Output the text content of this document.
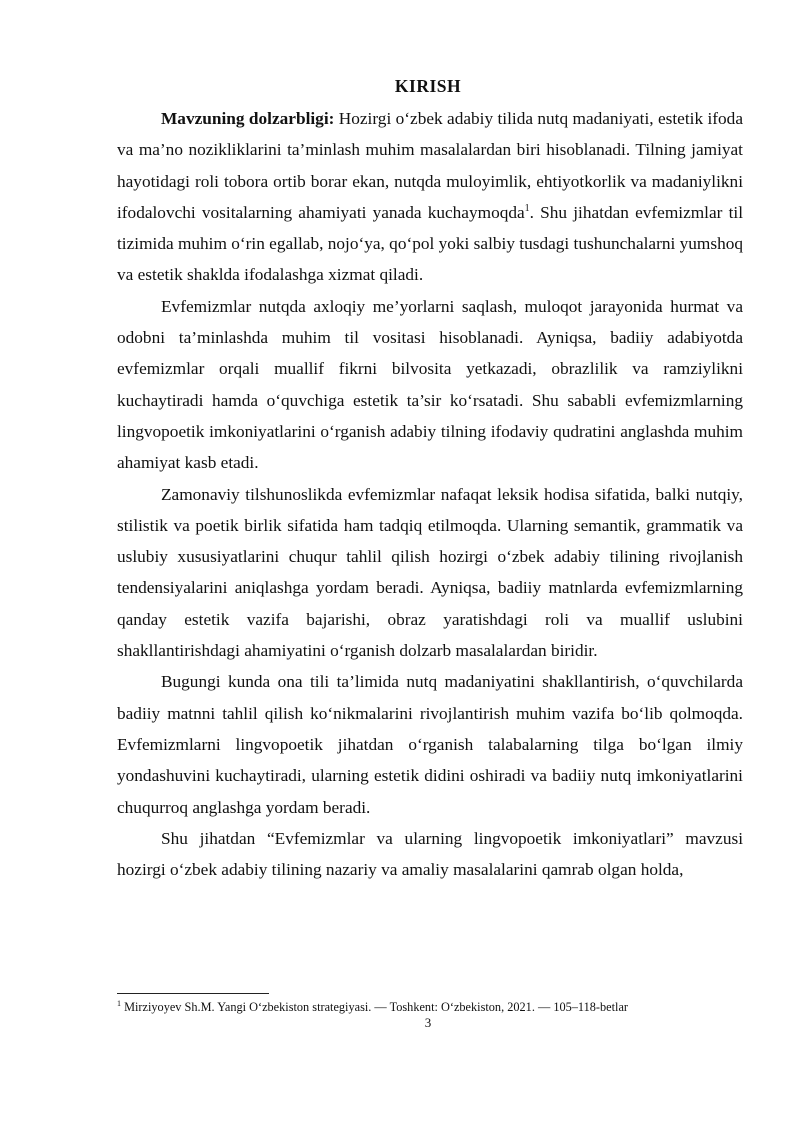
KIRISH

Mavzuning dolzarbligi: Hozirgi o‘zbek adabiy tilida nutq madaniyati, estetik ifoda va ma’no nozikliklarini ta’minlash muhim masalalardan biri hisoblanadi. Tilning jamiyat hayotidagi roli tobora ortib borar ekan, nutqda muloyimlik, ehtiyotkorlik va madaniylikni ifodalovchi vositalarning ahamiyati yanada kuchaymoqda$^1$. Shu jihatdan evfemizmlar til tizimida muhim o‘rin egallab, nojo‘ya, qo‘pol yoki salbiy tusdagi tushunchalarni yumshoq va estetik shaklda ifodalashga xizmat qiladi.

Evfemizmlar nutqda axloqiy me’yorlarni saqlash, muloqot jarayonida hurmat va odobni ta’minlashda muhim til vositasi hisoblanadi. Ayniqsa, badiiy adabiyotda evfemizmlar orqali muallif fikrni bilvosita yetkazadi, obrazlilik va ramziylikni kuchaytiradi hamda o‘quvchiga estetik ta’sir ko‘rsatadi. Shu sababli evfemizmlarning lingvopoetik imkoniyatlarini o‘rganish adabiy tilning ifodaviy qudratini anglashda muhim ahamiyat kasb etadi.

Zamonaviy tilshunoslikda evfemizmlar nafaqat leksik hodisa sifatida, balki nutqiy, stilistik va poetik birlik sifatida ham tadqiq etilmoqda. Ularning semantik, grammatik va uslubiy xususiyatlarini chuqur tahlil qilish hozirgi o‘zbek adabiy tilining rivojlanish tendensiyalarini aniqlashga yordam beradi. Ayniqsa, badiiy matnlarda evfemizmlarning qanday estetik vazifa bajarishi, obraz yaratishdagi roli va muallif uslubini shakllantirishdagi ahamiyatini o‘rganish dolzarb masalalardan biridir.

Bugungi kunda ona tili ta’limida nutq madaniyatini shakllantirish, o‘quvchilarda badiiy matnni tahlil qilish ko‘nikmalarini rivojlantirish muhim vazifa bo‘lib qolmoqda. Evfemizmlarni lingvopoetik jihatdan o‘rganish talabalarning tilga bo‘lgan ilmiy yondashuvini kuchaytiradi, ularning estetik didini oshiradi va badiiy nutq imkoniyatlarini chuqurroq anglashga yordam beradi.

Shu jihatdan “Evfemizmlar va ularning lingvopoetik imkoniyatlari” mavzusi hozirgi o‘zbek adabiy tilining nazariy va amaliy masalalarini qamrab olgan holda,

$^1$ Mirziyoyev Sh.M. Yangi O‘zbekiston strategiyasi. — Toshkent: O‘zbekiston, 2021. — 105–118-betlar
3
